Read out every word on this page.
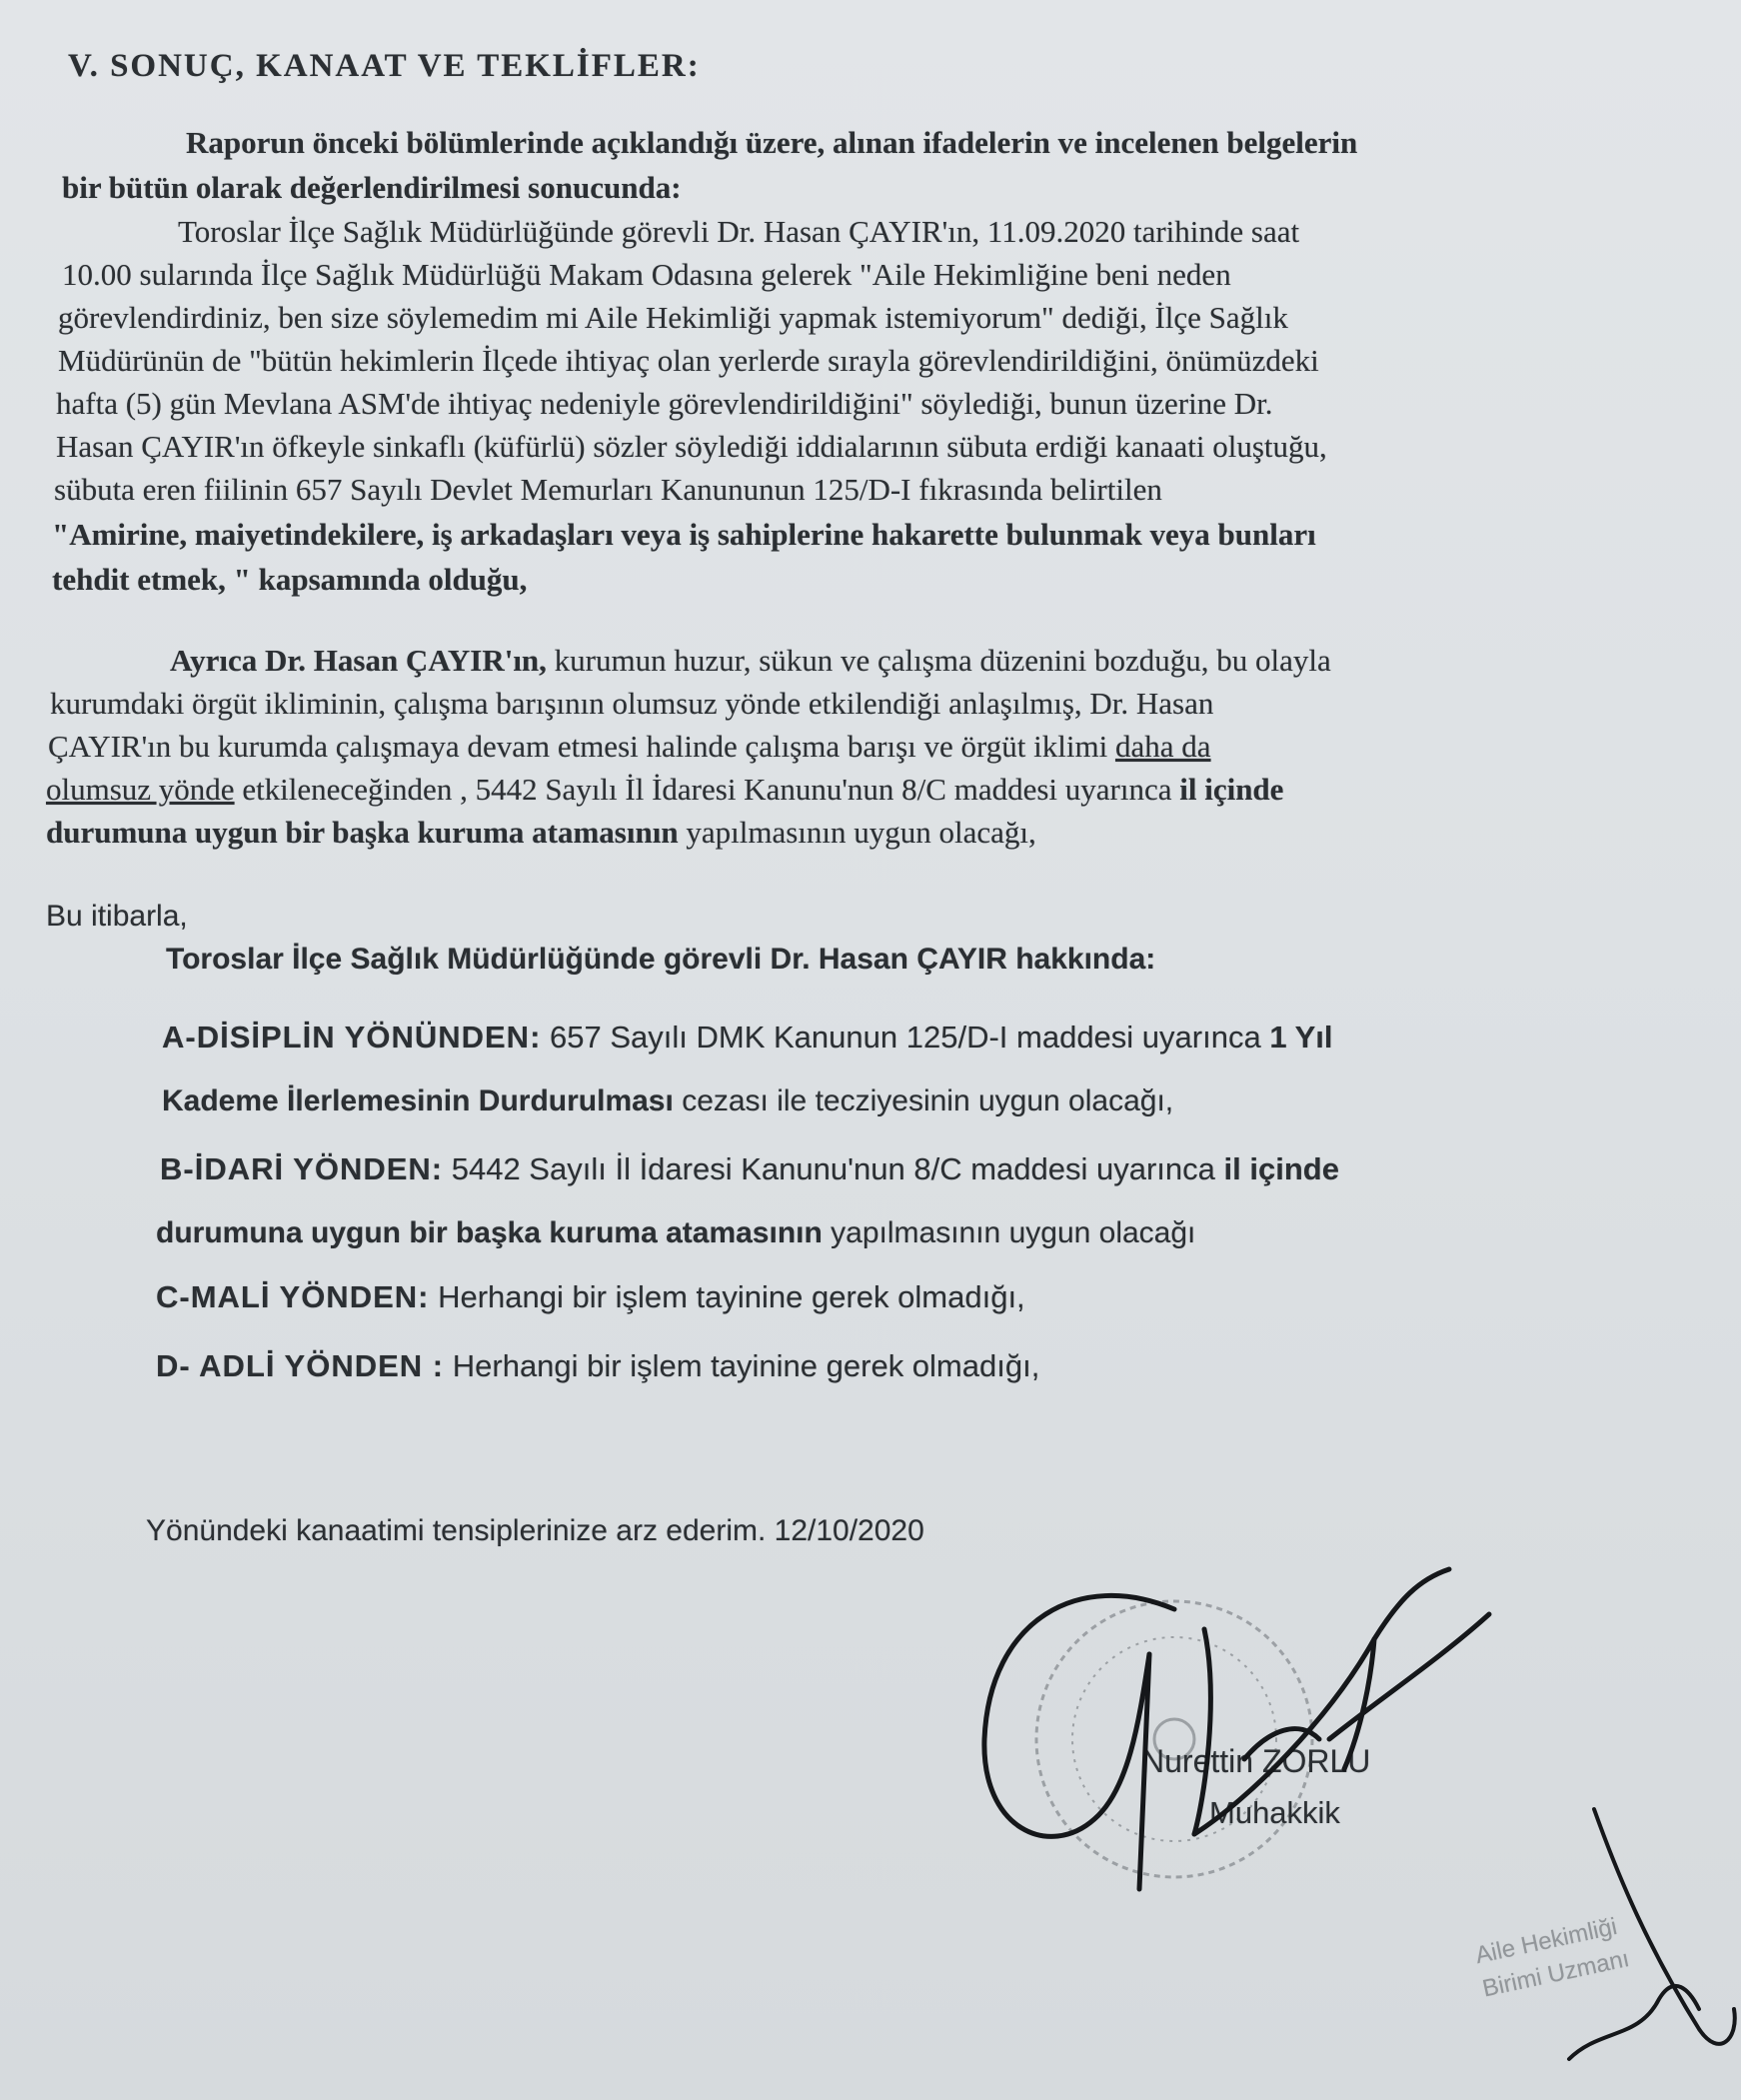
V. SONUÇ, KANAAT VE TEKLİFLER:
Raporun önceki bölümlerinde açıklandığı üzere, alınan ifadelerin ve incelenen belgelerin
bir bütün olarak değerlendirilmesi sonucunda:
Toroslar İlçe Sağlık Müdürlüğünde görevli Dr. Hasan ÇAYIR'ın, 11.09.2020 tarihinde saat
10.00 sularında İlçe Sağlık Müdürlüğü Makam Odasına gelerek "Aile Hekimliğine beni neden
görevlendirdiniz, ben size söylemedim mi Aile Hekimliği yapmak istemiyorum" dediği, İlçe Sağlık
Müdürünün de "bütün hekimlerin İlçede ihtiyaç olan yerlerde sırayla görevlendirildiğini, önümüzdeki
hafta (5) gün Mevlana ASM'de ihtiyaç nedeniyle görevlendirildiğini" söylediği, bunun üzerine Dr.
Hasan ÇAYIR'ın öfkeyle sinkaflı (küfürlü) sözler söylediği iddialarının sübuta erdiği kanaati oluştuğu,
sübuta eren fiilinin 657 Sayılı Devlet Memurları Kanununun 125/D-I fıkrasında belirtilen
"Amirine, maiyetindekilere, iş arkadaşları veya iş sahiplerine hakarette bulunmak veya bunları
tehdit etmek, " kapsamında olduğu,
Ayrıca Dr. Hasan ÇAYIR'ın, kurumun huzur, sükun ve çalışma düzenini bozduğu, bu olayla
kurumdaki örgüt ikliminin, çalışma barışının olumsuz yönde etkilendiği anlaşılmış, Dr. Hasan
ÇAYIR'ın bu kurumda çalışmaya devam etmesi halinde çalışma barışı ve örgüt iklimi daha da
olumsuz yönde etkileneceğinden , 5442 Sayılı İl İdaresi Kanunu'nun 8/C maddesi uyarınca il içinde
durumuna uygun bir başka kuruma atamasının yapılmasının uygun olacağı,
Bu itibarla,
Toroslar İlçe Sağlık Müdürlüğünde görevli Dr. Hasan ÇAYIR hakkında:
A-DİSİPLİN YÖNÜNDEN: 657 Sayılı DMK Kanunun 125/D-I maddesi uyarınca 1 Yıl
Kademe İlerlemesinin Durdurulması cezası ile tecziyesinin uygun olacağı,
B-İDARİ YÖNDEN: 5442 Sayılı İl İdaresi Kanunu'nun 8/C maddesi uyarınca il içinde
durumuna uygun bir başka kuruma atamasının yapılmasının uygun olacağı
C-MALİ YÖNDEN: Herhangi bir işlem tayinine gerek olmadığı,
D- ADLİ YÖNDEN : Herhangi bir işlem tayinine gerek olmadığı,
Yönündeki kanaatimi tensiplerinize arz ederim. 12/10/2020
Nurettin ZORLU
Muhakkik
Aile Hekimliği Birimi Uzmanı
